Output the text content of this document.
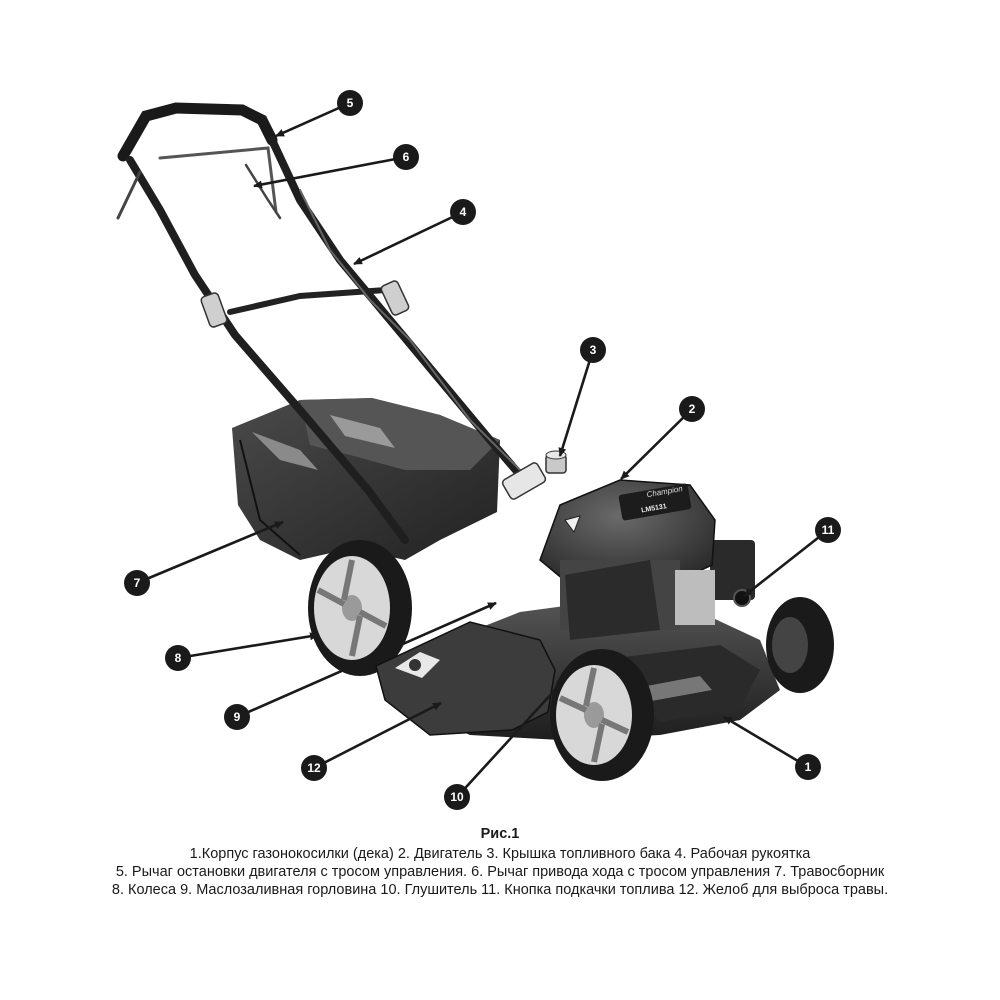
Champion
LM5131
5
6
4
3
2
11
7
8
9
12
10
1
Рис.1
1.Корпус газонокосилки (дека) 2. Двигатель 3. Крышка топливного бака 4. Рабочая рукоятка
5. Рычаг остановки двигателя с тросом управления. 6. Рычаг привода хода с тросом управления 7. Травосборник
8. Колеса 9. Маслозаливная горловина 10. Глушитель 11. Кнопка подкачки топлива 12. Желоб для выброса травы.
